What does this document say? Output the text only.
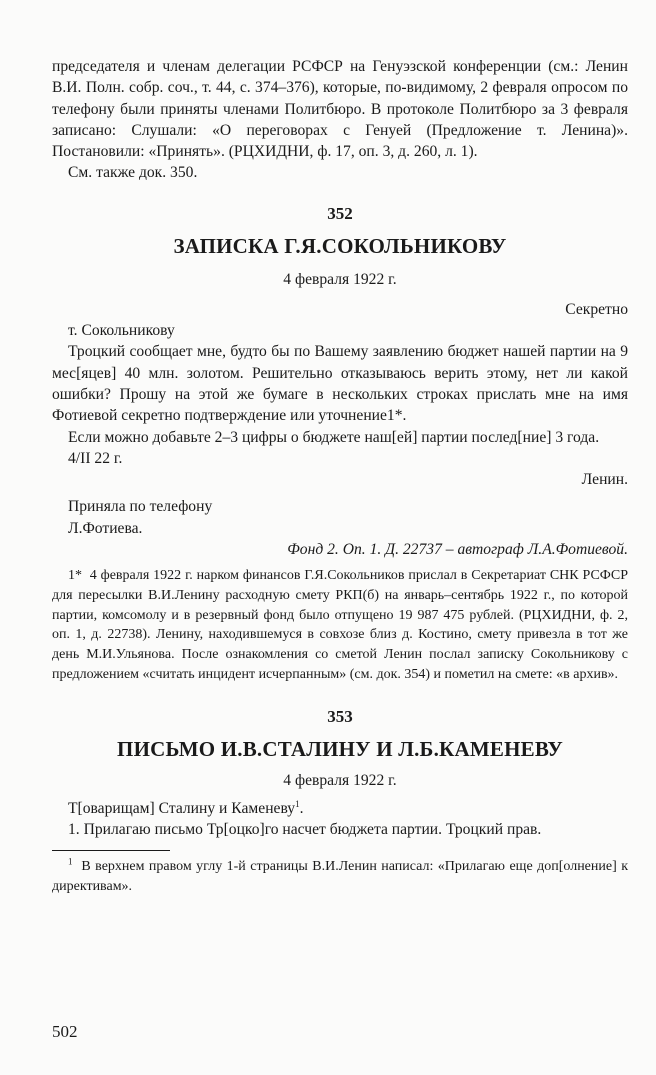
председателя и членам делегации РСФСР на Генуэзской конференции (см.: Ленин В.И. Полн. собр. соч., т. 44, с. 374–376), которые, по-видимому, 2 февраля опросом по телефону были приняты членами Политбюро. В протоколе Политбюро за 3 февраля записано: Слушали: «О переговорах с Генуей (Предложение т. Ленина)». Постановили: «Принять». (РЦХИДНИ, ф. 17, оп. 3, д. 260, л. 1).

См. также док. 350.

352

ЗАПИСКА Г.Я.СОКОЛЬНИКОВУ

4 февраля 1922 г.

Секретно

т. Сокольникову

Троцкий сообщает мне, будто бы по Вашему заявлению бюджет нашей партии на 9 мес[яцев] 40 млн. золотом. Решительно отказываюсь верить этому, нет ли какой ошибки? Прошу на этой же бумаге в нескольких строках прислать мне на имя Фотиевой секретно подтверждение или уточнение1*.

Если можно добавьте 2–3 цифры о бюджете наш[ей] партии послед[ние] 3 года.

4/II 22 г.

Ленин.

Приняла по телефону

Л.Фотиева.

Фонд 2. Оп. 1. Д. 22737 – автограф Л.А.Фотиевой.

1* 4 февраля 1922 г. нарком финансов Г.Я.Сокольников прислал в Секретариат СНК РСФСР для пересылки В.И.Ленину расходную смету РКП(б) на январь–сентябрь 1922 г., по которой партии, комсомолу и в резервный фонд было отпущено 19 987 475 рублей. (РЦХИДНИ, ф. 2, оп. 1, д. 22738). Ленину, находившемуся в совхозе близ д. Костино, смету привезла в тот же день М.И.Ульянова. После ознакомления со сметой Ленин послал записку Сокольникову с предложением «считать инцидент исчерпанным» (см. док. 354) и пометил на смете: «в архив».

353

ПИСЬМО И.В.СТАЛИНУ И Л.Б.КАМЕНЕВУ

4 февраля 1922 г.

Т[оварищам] Сталину и Каменеву$^1$.

1. Прилагаю письмо Тр[оцко]го насчет бюджета партии. Троцкий прав.

$^1$ В верхнем правом углу 1-й страницы В.И.Ленин написал: «Прилагаю еще доп[олнение] к директивам».

502
